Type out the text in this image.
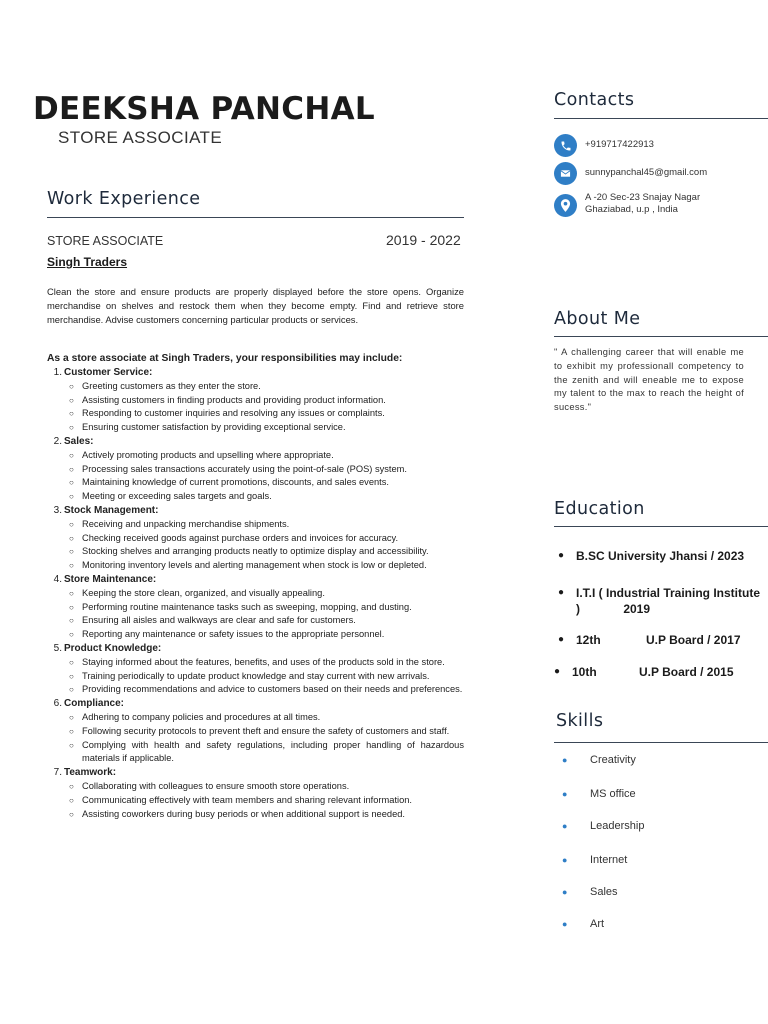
DEEKSHA PANCHAL
STORE ASSOCIATE
Work Experience
STORE ASSOCIATE	2019 - 2022
Singh Traders
Clean the store and ensure products are properly displayed before the store opens. Organize merchandise on shelves and restock them when they become empty. Find and retrieve store merchandise. Advise customers concerning particular products or services.
As a store associate at Singh Traders, your responsibilities may include:
1. Customer Service:
○ Greeting customers as they enter the store.
○ Assisting customers in finding products and providing product information.
○ Responding to customer inquiries and resolving any issues or complaints.
○ Ensuring customer satisfaction by providing exceptional service.
2. Sales:
○ Actively promoting products and upselling where appropriate.
○ Processing sales transactions accurately using the point-of-sale (POS) system.
○ Maintaining knowledge of current promotions, discounts, and sales events.
○ Meeting or exceeding sales targets and goals.
3. Stock Management:
○ Receiving and unpacking merchandise shipments.
○ Checking received goods against purchase orders and invoices for accuracy.
○ Stocking shelves and arranging products neatly to optimize display and accessibility.
○ Monitoring inventory levels and alerting management when stock is low or depleted.
4. Store Maintenance:
○ Keeping the store clean, organized, and visually appealing.
○ Performing routine maintenance tasks such as sweeping, mopping, and dusting.
○ Ensuring all aisles and walkways are clear and safe for customers.
○ Reporting any maintenance or safety issues to the appropriate personnel.
5. Product Knowledge:
○ Staying informed about the features, benefits, and uses of the products sold in the store.
○ Training periodically to update product knowledge and stay current with new arrivals.
○ Providing recommendations and advice to customers based on their needs and preferences.
6. Compliance:
○ Adhering to company policies and procedures at all times.
○ Following security protocols to prevent theft and ensure the safety of customers and staff.
○ Complying with health and safety regulations, including proper handling of hazardous materials if applicable.
7. Teamwork:
○ Collaborating with colleagues to ensure smooth store operations.
○ Communicating effectively with team members and sharing relevant information.
○ Assisting coworkers during busy periods or when additional support is needed.
Contacts
+919717422913
sunnypanchal45@gmail.com
A -20 Sec-23 Snajay Nagar
Ghaziabad, u.p , India
About Me
" A challenging career that will enable me to exhibit my professionall competency to the zenith and will eneable me to expose my talent to the max to reach the height of sucess."
Education
● B.SC University Jhansi / 2023
● I.T.I ( Industrial Training Institute
)             2019
● 12th	U.P Board / 2017
● 10th	U.P Board / 2015
Skills
●	Creativity
●	MS office
●	Leadership
●	Internet
●	Sales
●	Art
